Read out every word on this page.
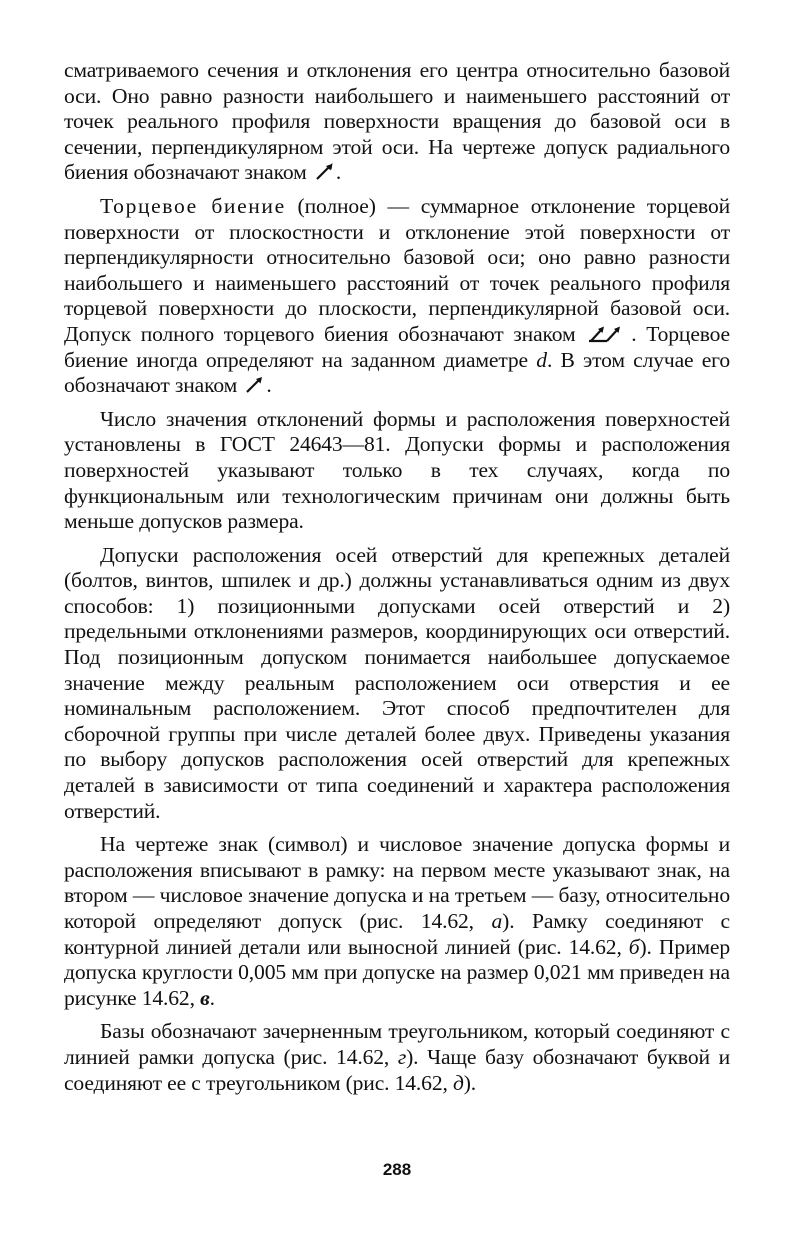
сматриваемого сечения и отклонения его центра относительно базовой оси. Оно равно разности наибольшего и наименьшего расстояний от точек реального профиля поверхности вращения до базовой оси в сечении, перпендикулярном этой оси. На чертеже допуск радиального биения обозначают знаком .

Торцевое биение (полное) — суммарное отклонение торцевой поверхности от плоскостности и отклонение этой поверхности от перпендикулярности относительно базовой оси; оно равно разности наибольшего и наименьшего расстояний от точек реального профиля торцевой поверхности до плоскости, перпендикулярной базовой оси. Допуск полного торцевого биения обозначают знаком	. Торцевое биение иногда определяют на заданном диаметре d. В этом случае его обозначают знаком .

Число значения отклонений формы и расположения поверхностей установлены в ГОСТ 24643—81. Допуски формы и расположения поверхностей указывают только в тех случаях, когда по функциональным или технологическим причинам они должны быть меньше допусков размера.

Допуски расположения осей отверстий для крепежных деталей (болтов, винтов, шпилек и др.) должны устанавливаться одним из двух способов: 1) позиционными допусками осей отверстий и 2) предельными отклонениями размеров, координирующих оси отверстий. Под позиционным допуском понимается наибольшее допускаемое значение между реальным расположением оси отверстия и ее номинальным расположением. Этот способ предпочтителен для сборочной группы при числе деталей более двух. Приведены указания по выбору допусков расположения осей отверстий для крепежных деталей в зависимости от типа соединений и характера расположения отверстий.

На чертеже знак (символ) и числовое значение допуска формы и расположения вписывают в рамку: на первом месте указывают знак, на втором — числовое значение допуска и на третьем — базу, относительно которой определяют допуск (рис. 14.62, а). Рамку соединяют с контурной линией детали или выносной линией (рис. 14.62, б). Пример допуска круглости 0,005 мм при допуске на размер 0,021 мм приведен на рисунке 14.62, в.

Базы обозначают зачерненным треугольником, который соединяют с линией рамки допуска (рис. 14.62, г). Чаще базу обозначают буквой и соединяют ее с треугольником (рис. 14.62, д).

288
